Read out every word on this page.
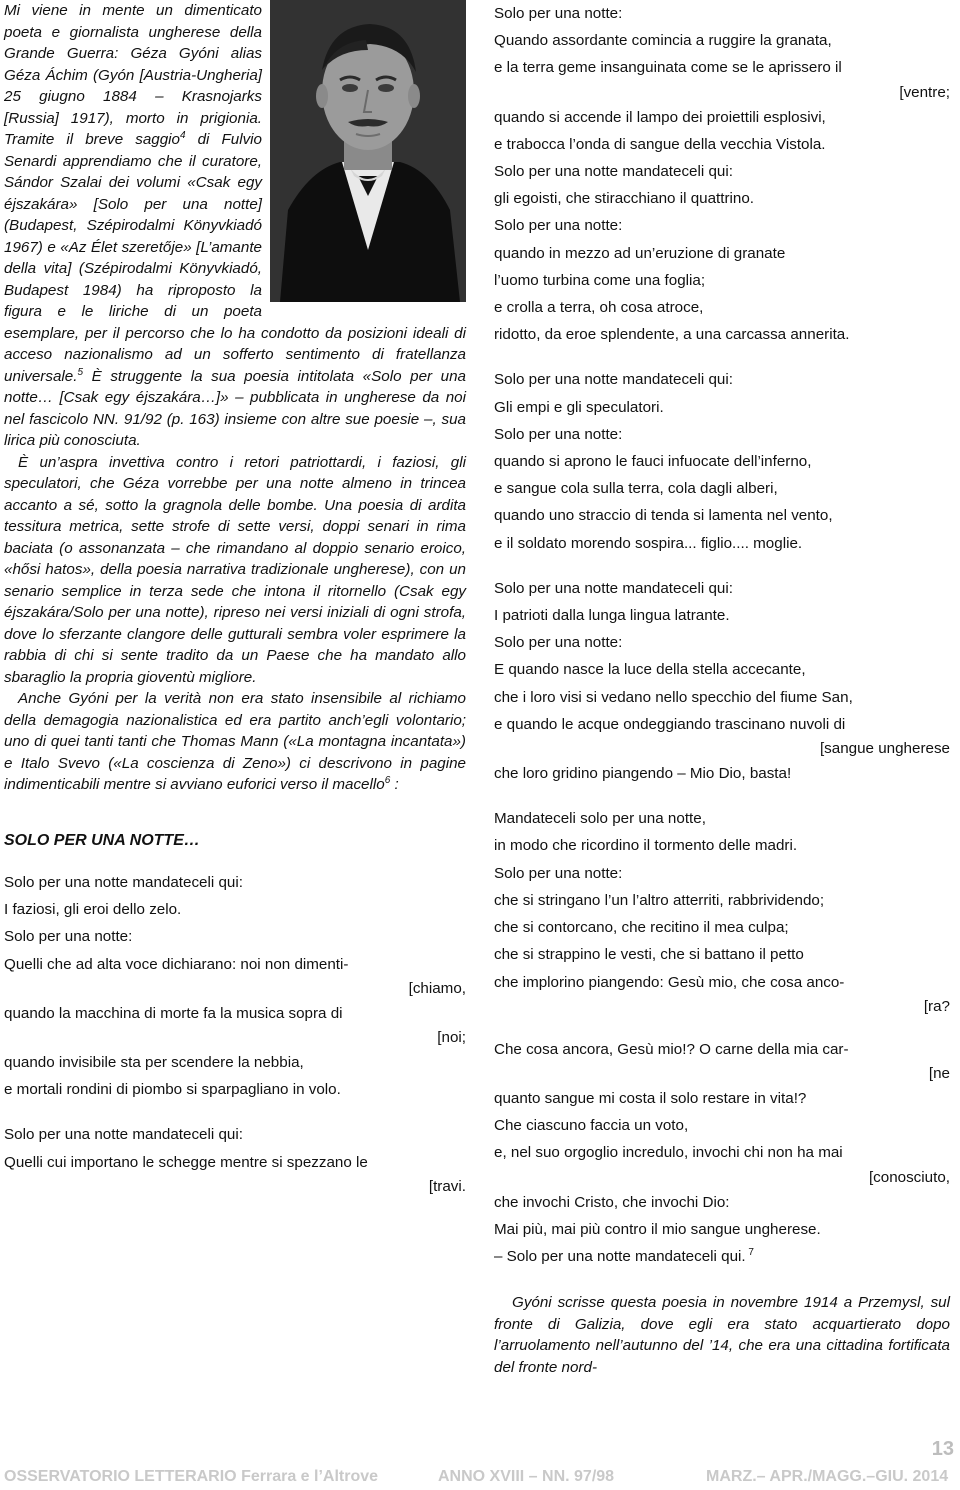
Mi viene in mente un dimenticato poeta e giornalista ungherese della Grande Guerra: Géza Gyóni alias Géza Áchim (Gyón [Austria-Ungheria] 25 giugno 1884 – Krasnojarks [Russia] 1917), morto in prigionia. Tramite il breve saggio$^4$ di Fulvio Senardi apprendiamo che il curatore, Sándor Szalai dei volumi «Csak egy éjszakára» [Solo per una notte] (Budapest, Szépirodalmi Könyvkiadó 1967) e «Az Élet szeretője» [L’amante della vita] (Szépirodalmi Könyvkiadó, Budapest 1984) ha riproposto la figura e le liriche di un poeta esemplare, per il percorso che lo ha condotto da posizioni ideali di acceso nazionalismo ad un sofferto sentimento di fratellanza universale.$^5$ È struggente la sua poesia intitolata «Solo per una notte… [Csak egy éjszakára…]» – pubblicata in ungherese da noi nel fascicolo NN. 91/92 (p. 163) insieme con altre sue poesie –, sua lirica più conosciuta.

È un’aspra invettiva contro i retori patriottardi, i faziosi, gli speculatori, che Géza vorrebbe per una notte almeno in trincea accanto a sé, sotto la gragnola delle bombe. Una poesia di ardita tessitura metrica, sette strofe di sette versi, doppi senari in rima baciata (o assonanzata – che rimandano al doppio senario eroico, «hősi hatos», della poesia narrativa tradizionale ungherese), con un senario semplice in terza sede che intona il ritornello (Csak egy éjszakára/Solo per una notte), ripreso nei versi iniziali di ogni strofa, dove lo sferzante clangore delle gutturali sembra voler esprimere la rabbia di chi si sente tradito da un Paese che ha mandato allo sbaraglio la propria gioventù migliore.

Anche Gyóni per la verità non era stato insensibile al richiamo della demagogia nazionalistica ed era partito anch’egli volontario; uno di quei tanti tanti che Thomas Mann («La montagna incantata») e Italo Svevo («La coscienza di Zeno») ci descrivono in pagine indimenticabili mentre si avviano euforici verso il macello$^6$ :

SOLO PER UNA NOTTE…

Solo per una notte mandateceli qui:
I faziosi, gli eroi dello zelo.
Solo per una notte:
Quelli che ad alta voce dichiarano: noi non dimenti-
[chiamo,
quando la macchina di morte fa la musica sopra di
[noi;
quando invisibile sta per scendere la nebbia,
e mortali rondini di piombo si sparpagliano in volo.
Solo per una notte mandateceli qui:
Quelli cui importano le schegge mentre si spezzano le
[travi.
Solo per una notte:
Quando assordante comincia a ruggire la granata,
e la terra geme insanguinata come se le aprissero il
[ventre;
quando si accende il lampo dei proiettili esplosivi,
e trabocca l’onda di sangue della vecchia Vistola.
Solo per una notte mandateceli qui:
gli egoisti, che stiracchiano il quattrino.
Solo per una notte:
quando in mezzo ad un’eruzione di granate
l’uomo turbina come una foglia;
e crolla a terra, oh cosa atroce,
ridotto, da eroe splendente, a una carcassa annerita.
Solo per una notte mandateceli qui:
Gli empi e gli speculatori.
Solo per una notte:
quando si aprono le fauci infuocate dell’inferno,
e sangue cola sulla terra, cola dagli alberi,
quando uno straccio di tenda si lamenta nel vento,
e il soldato morendo sospira... figlio.... moglie.
Solo per una notte mandateceli qui:
I patrioti dalla lunga lingua latrante.
Solo per una notte:
E quando nasce la luce della stella accecante,
che i loro visi si vedano nello specchio del fiume San,
e quando le acque ondeggiando trascinano nuvoli di
[sangue ungherese
che loro gridino piangendo – Mio Dio, basta!
Mandateceli solo per una notte,
in modo che ricordino il tormento delle madri.
Solo per una notte:
che si stringano l’un l’altro atterriti, rabbrividendo;
che si contorcano, che recitino il mea culpa;
che si strappino le vesti, che si battano il petto
che implorino piangendo: Gesù mio, che cosa anco-
[ra?
Che cosa ancora, Gesù mio!? O carne della mia car-
[ne
quanto sangue mi costa il solo restare in vita!?
Che ciascuno faccia un voto,
e, nel suo orgoglio incredulo, invochi chi non ha mai
[conosciuto,
che invochi Cristo, che invochi Dio:
Mai più, mai più contro il mio sangue ungherese.
– Solo per una notte mandateceli qui. $^7$

Gyóni scrisse questa poesia in novembre 1914 a Przemysl, sul fronte di Galizia, dove egli era stato acquartierato dopo l’arruolamento nell’autunno del ’14, che era una cittadina fortificata del fronte nord-

13
OSSERVATORIO LETTERARIO Ferrara e l’Altrove	ANNO XVIII – NN. 97/98	MARZ.– APR./MAGG.–GIU. 2014
